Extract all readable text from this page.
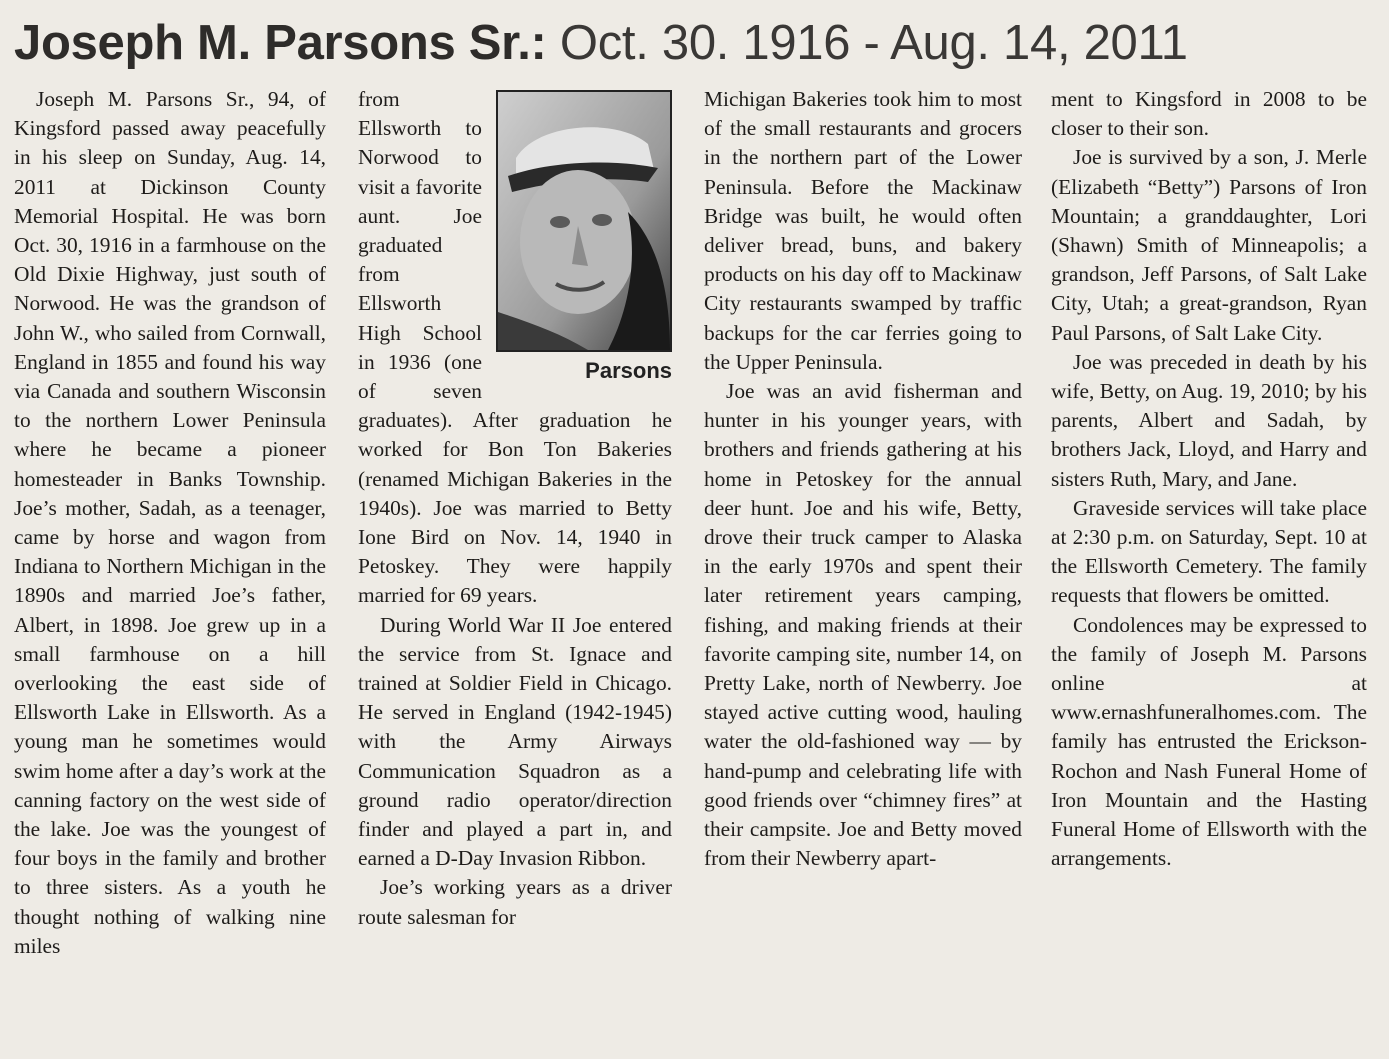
Joseph M. Parsons Sr.: Oct. 30. 1916 - Aug. 14, 2011

Joseph M. Parsons Sr., 94, of Kingsford passed away peacefully in his sleep on Sunday, Aug. 14, 2011 at Dickinson County Memorial Hospital. He was born Oct. 30, 1916 in a farmhouse on the Old Dixie Highway, just south of Norwood. He was the grandson of John W., who sailed from Cornwall, England in 1855 and found his way via Canada and southern Wisconsin to the northern Lower Peninsula where he became a pioneer homesteader in Banks Township. Joe’s mother, Sadah, as a teenager, came by horse and wagon from Indiana to Northern Michigan in the 1890s and married Joe’s father, Albert, in 1898. Joe grew up in a small farmhouse on a hill overlooking the east side of Ellsworth Lake in Ellsworth. As a young man he sometimes would swim home after a day’s work at the canning factory on the west side of the lake. Joe was the youngest of four boys in the family and brother to three sisters. As a youth he thought nothing of walking nine miles

Parsons

from Ellsworth to Norwood to visit a favorite aunt. Joe graduated from Ellsworth High School in 1936 (one of seven graduates). After graduation he worked for Bon Ton Bakeries (renamed Michigan Bakeries in the 1940s). Joe was married to Betty Ione Bird on Nov. 14, 1940 in Petoskey. They were happily married for 69 years.

During World War II Joe entered the service from St. Ignace and trained at Soldier Field in Chicago. He served in England (1942-1945) with the Army Airways Communication Squadron as a ground radio operator/direction finder and played a part in, and earned a D-Day Invasion Ribbon.

Joe’s working years as a driver route salesman for

Michigan Bakeries took him to most of the small restaurants and grocers in the northern part of the Lower Peninsula. Before the Mackinaw Bridge was built, he would often deliver bread, buns, and bakery products on his day off to Mackinaw City restaurants swamped by traffic backups for the car ferries going to the Upper Peninsula.

Joe was an avid fisherman and hunter in his younger years, with brothers and friends gathering at his home in Petoskey for the annual deer hunt. Joe and his wife, Betty, drove their truck camper to Alaska in the early 1970s and spent their later retirement years camping, fishing, and making friends at their favorite camping site, number 14, on Pretty Lake, north of Newberry. Joe stayed active cutting wood, hauling water the old-fashioned way — by hand-pump and celebrating life with good friends over “chimney fires” at their campsite. Joe and Betty moved from their Newberry apart-

ment to Kingsford in 2008 to be closer to their son.

Joe is survived by a son, J. Merle (Elizabeth “Betty”) Parsons of Iron Mountain; a granddaughter, Lori (Shawn) Smith of Minneapolis; a grandson, Jeff Parsons, of Salt Lake City, Utah; a great-grandson, Ryan Paul Parsons, of Salt Lake City.

Joe was preceded in death by his wife, Betty, on Aug. 19, 2010; by his parents, Albert and Sadah, by brothers Jack, Lloyd, and Harry and sisters Ruth, Mary, and Jane.

Graveside services will take place at 2:30 p.m. on Saturday, Sept. 10 at the Ellsworth Cemetery. The family requests that flowers be omitted.

Condolences may be expressed to the family of Joseph M. Parsons online at www.ernashfuneralhomes.com. The family has entrusted the Erickson-Rochon and Nash Funeral Home of Iron Mountain and the Hasting Funeral Home of Ellsworth with the arrangements.
